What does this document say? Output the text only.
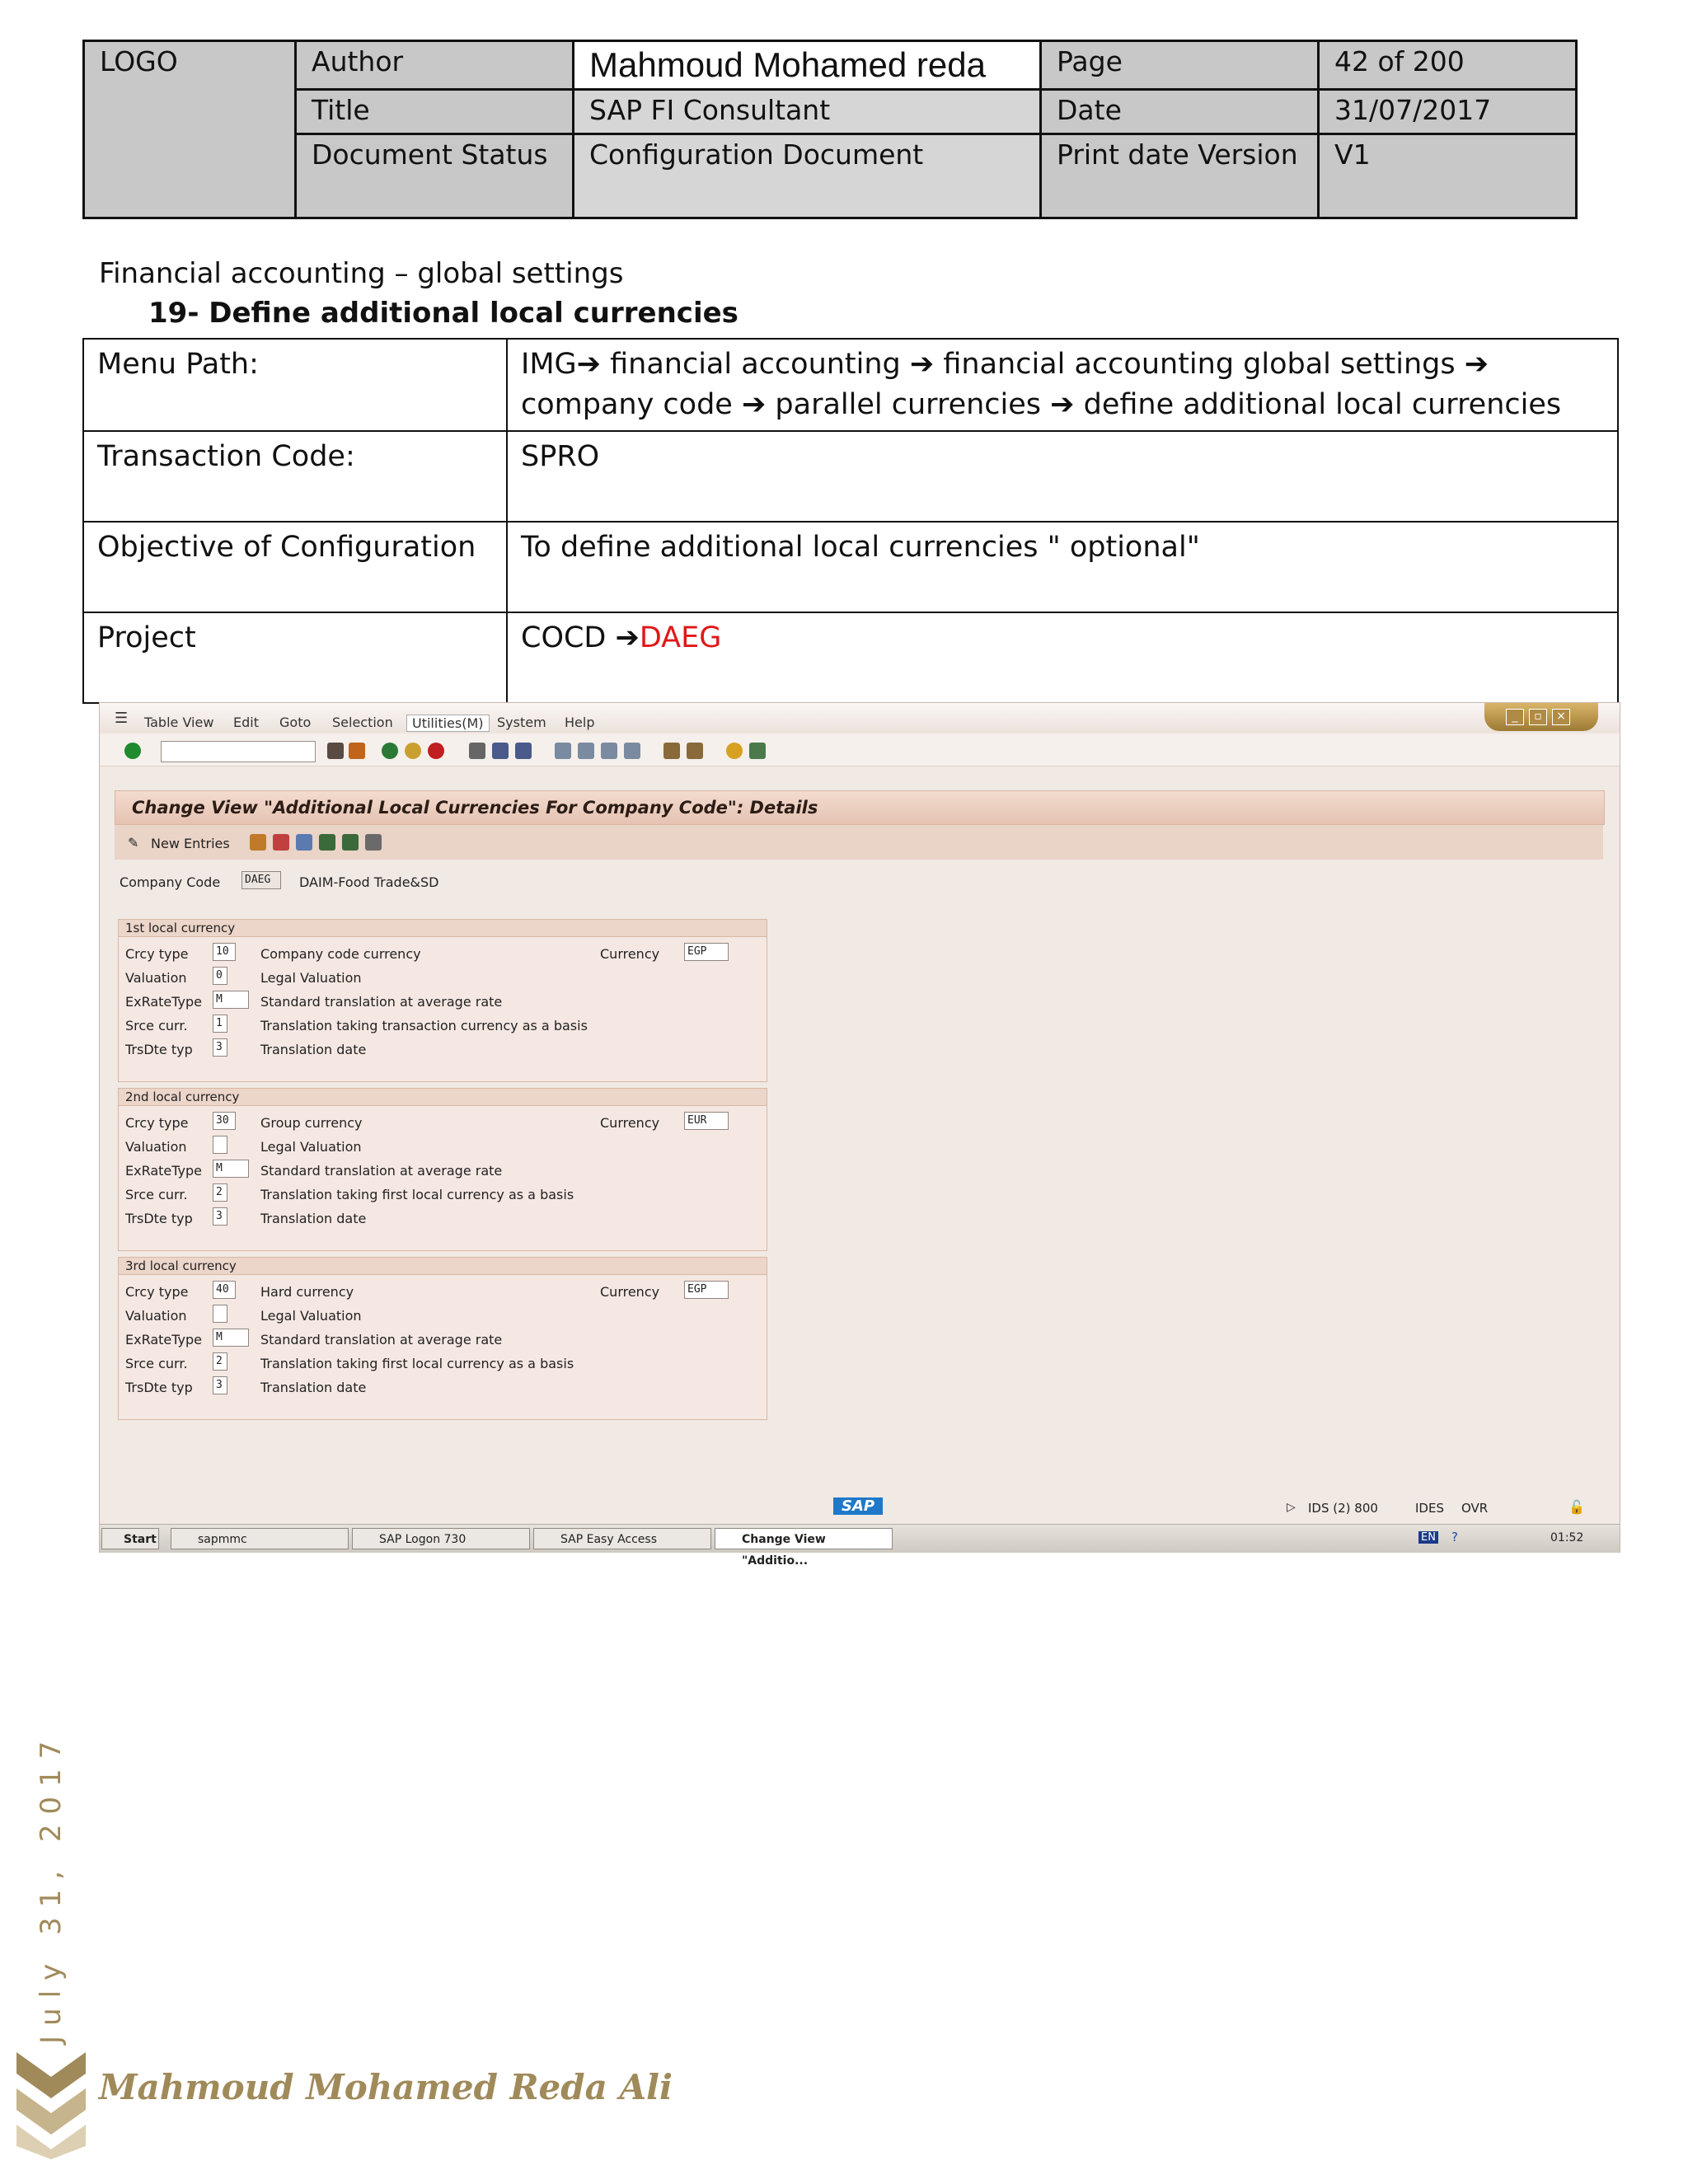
LOGO	Author	Mahmoud Mohamed reda	Page	42 of 200
	Title	SAP FI Consultant	Date	31/07/2017
	Document Status	Configuration Document	Print date Version	V1
Financial accounting – global settings
19- Define additional local currencies
Menu Path:	IMG➔ financial accounting ➔ financial accounting global settings ➔ company code ➔ parallel currencies ➔ define additional local currencies
Transaction Code:	SPRO
Objective of Configuration	To define additional local currencies " optional"
Project	COCD ➔DAEG
☰ Table View Edit Goto Selection	Utilities(M)	System Help	_	▫	×
Change View "Additional Local Currencies For Company Code": Details
✎ New Entries
Company Code	DAEG	DAIM-Food Trade&SD
1st local currency
Crcy type	10	Company code currency	Currency	EGP
Valuation	0	Legal Valuation
ExRateType	M	Standard translation at average rate
Srce curr.	1	Translation taking transaction currency as a basis
TrsDte typ	3	Translation date
2nd local currency
Crcy type	30	Group currency	Currency	EUR
Valuation	Legal Valuation
ExRateType	M	Standard translation at average rate
Srce curr.	2	Translation taking first local currency as a basis
TrsDte typ	3	Translation date
3rd local currency
Crcy type	40	Hard currency	Currency	EGP
Valuation	Legal Valuation
ExRateType	M	Standard translation at average rate
Srce curr.	2	Translation taking first local currency as a basis
TrsDte typ	3	Translation date
SAP	▷ IDS (2) 800	IDES OVR	🔓
Start	sapmmc	SAP Logon 730	SAP Easy Access	Change View "Additio...
EN ?	01:52
July 31, 2017
Mahmoud Mohamed Reda Ali
